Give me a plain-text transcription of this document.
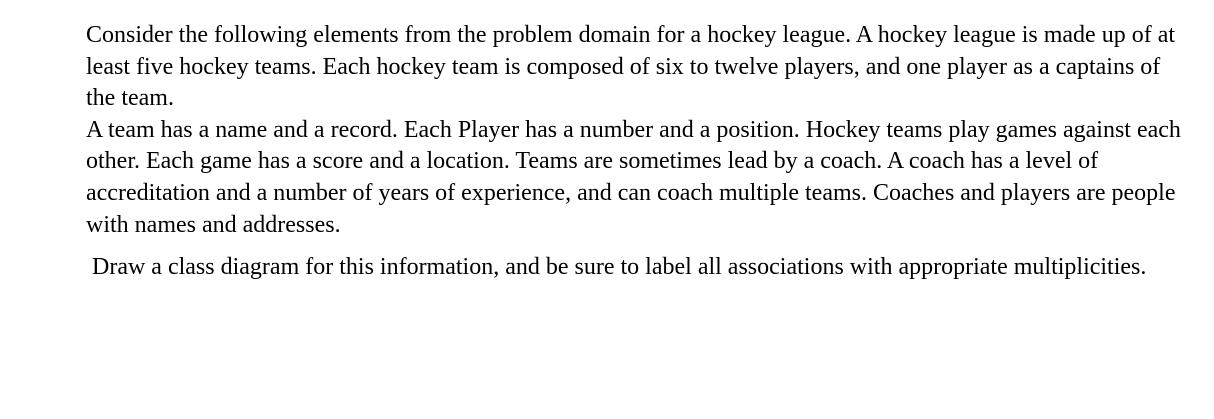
Consider the following elements from the problem domain for a hockey league. A hockey league is made up of at least five hockey teams. Each hockey team is composed of six to twelve players, and one player as a captains of the team.

A team has a name and a record. Each Player has a number and a position. Hockey teams play games against each other. Each game has a score and a location. Teams are sometimes lead by a coach. A coach has a level of accreditation and a number of years of experience, and can coach multiple teams. Coaches and players are people with names and addresses.

Draw a class diagram for this information, and be sure to label all associations with appropriate multiplicities.
